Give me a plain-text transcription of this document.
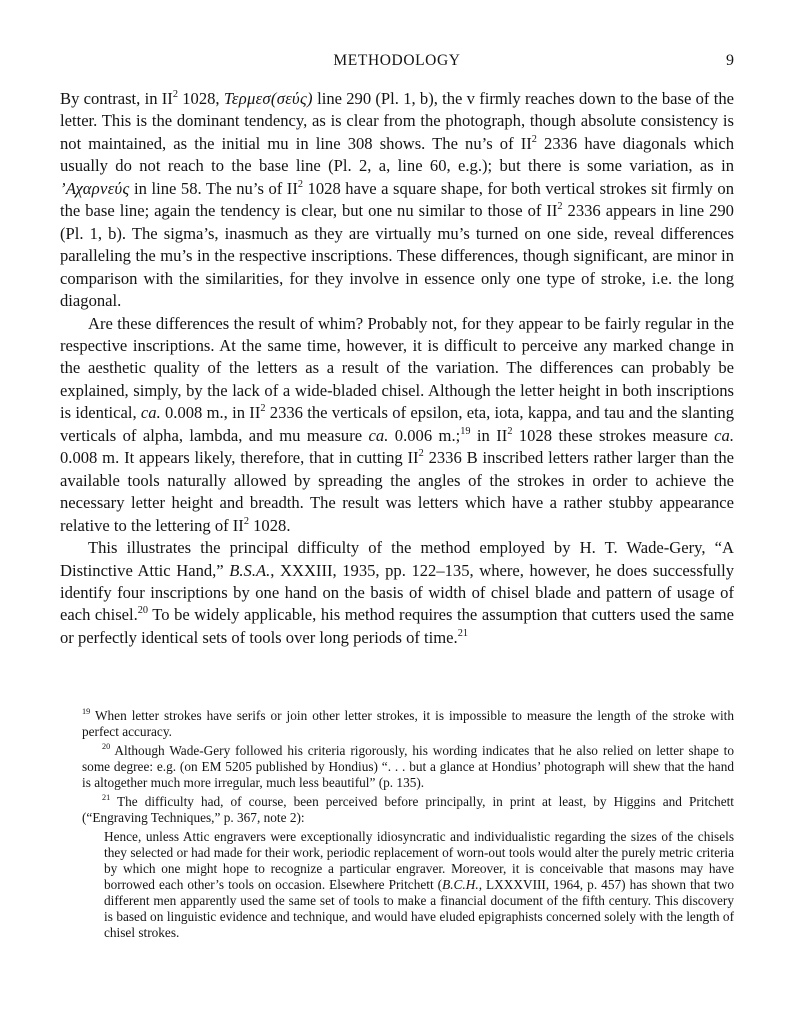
METHODOLOGY	9

By contrast, in $II^2$ 1028, Τερμεσ(σεύς) line 290 (Pl. 1, b), the v firmly reaches down to the base of the letter. This is the dominant tendency, as is clear from the photograph, though absolute consistency is not maintained, as the initial mu in line 308 shows. The nu’s of $II^2$ 2336 have diagonals which usually do not reach to the base line (Pl. 2, a, line 60, e.g.); but there is some variation, as in ’Αχαρνεύς in line 58. The nu’s of $II^2$ 1028 have a square shape, for both vertical strokes sit firmly on the base line; again the tendency is clear, but one nu similar to those of $II^2$ 2336 appears in line 290 (Pl. 1, b). The sigma’s, inasmuch as they are virtually mu’s turned on one side, reveal differences paralleling the mu’s in the respective inscriptions. These differences, though significant, are minor in comparison with the similarities, for they involve in essence only one type of stroke, i.e. the long diagonal.

Are these differences the result of whim? Probably not, for they appear to be fairly regular in the respective inscriptions. At the same time, however, it is difficult to perceive any marked change in the aesthetic quality of the letters as a result of the variation. The differences can probably be explained, simply, by the lack of a wide-bladed chisel. Although the letter height in both inscriptions is identical, ca. 0.008 m., in $II^2$ 2336 the verticals of epsilon, eta, iota, kappa, and tau and the slanting verticals of alpha, lambda, and mu measure ca. 0.006 m.;$^{19}$ in $II^2$ 1028 these strokes measure ca. 0.008 m. It appears likely, therefore, that in cutting $II^2$ 2336 B inscribed letters rather larger than the available tools naturally allowed by spreading the angles of the strokes in order to achieve the necessary letter height and breadth. The result was letters which have a rather stubby appearance relative to the lettering of $II^2$ 1028.

This illustrates the principal difficulty of the method employed by H. T. Wade-Gery, “A Distinctive Attic Hand,” B.S.A., XXXIII, 1935, pp. 122–135, where, however, he does successfully identify four inscriptions by one hand on the basis of width of chisel blade and pattern of usage of each chisel.$^{20}$ To be widely applicable, his method requires the assumption that cutters used the same or perfectly identical sets of tools over long periods of time.$^{21}$

$^{19}$ When letter strokes have serifs or join other letter strokes, it is impossible to measure the length of the stroke with perfect accuracy.

$^{20}$ Although Wade-Gery followed his criteria rigorously, his wording indicates that he also relied on letter shape to some degree: e.g. (on EM 5205 published by Hondius) “. . . but a glance at Hondius’ photograph will shew that the hand is altogether much more irregular, much less beautiful” (p. 135).

$^{21}$ The difficulty had, of course, been perceived before principally, in print at least, by Higgins and Pritchett (“Engraving Techniques,” p. 367, note 2):

Hence, unless Attic engravers were exceptionally idiosyncratic and individualistic regarding the sizes of the chisels they selected or had made for their work, periodic replacement of worn-out tools would alter the purely metric criteria by which one might hope to recognize a particular engraver. Moreover, it is conceivable that masons may have borrowed each other’s tools on occasion. Elsewhere Pritchett (B.C.H., LXXXVIII, 1964, p. 457) has shown that two different men apparently used the same set of tools to make a financial document of the fifth century. This discovery is based on linguistic evidence and technique, and would have eluded epigraphists concerned solely with the length of chisel strokes.
